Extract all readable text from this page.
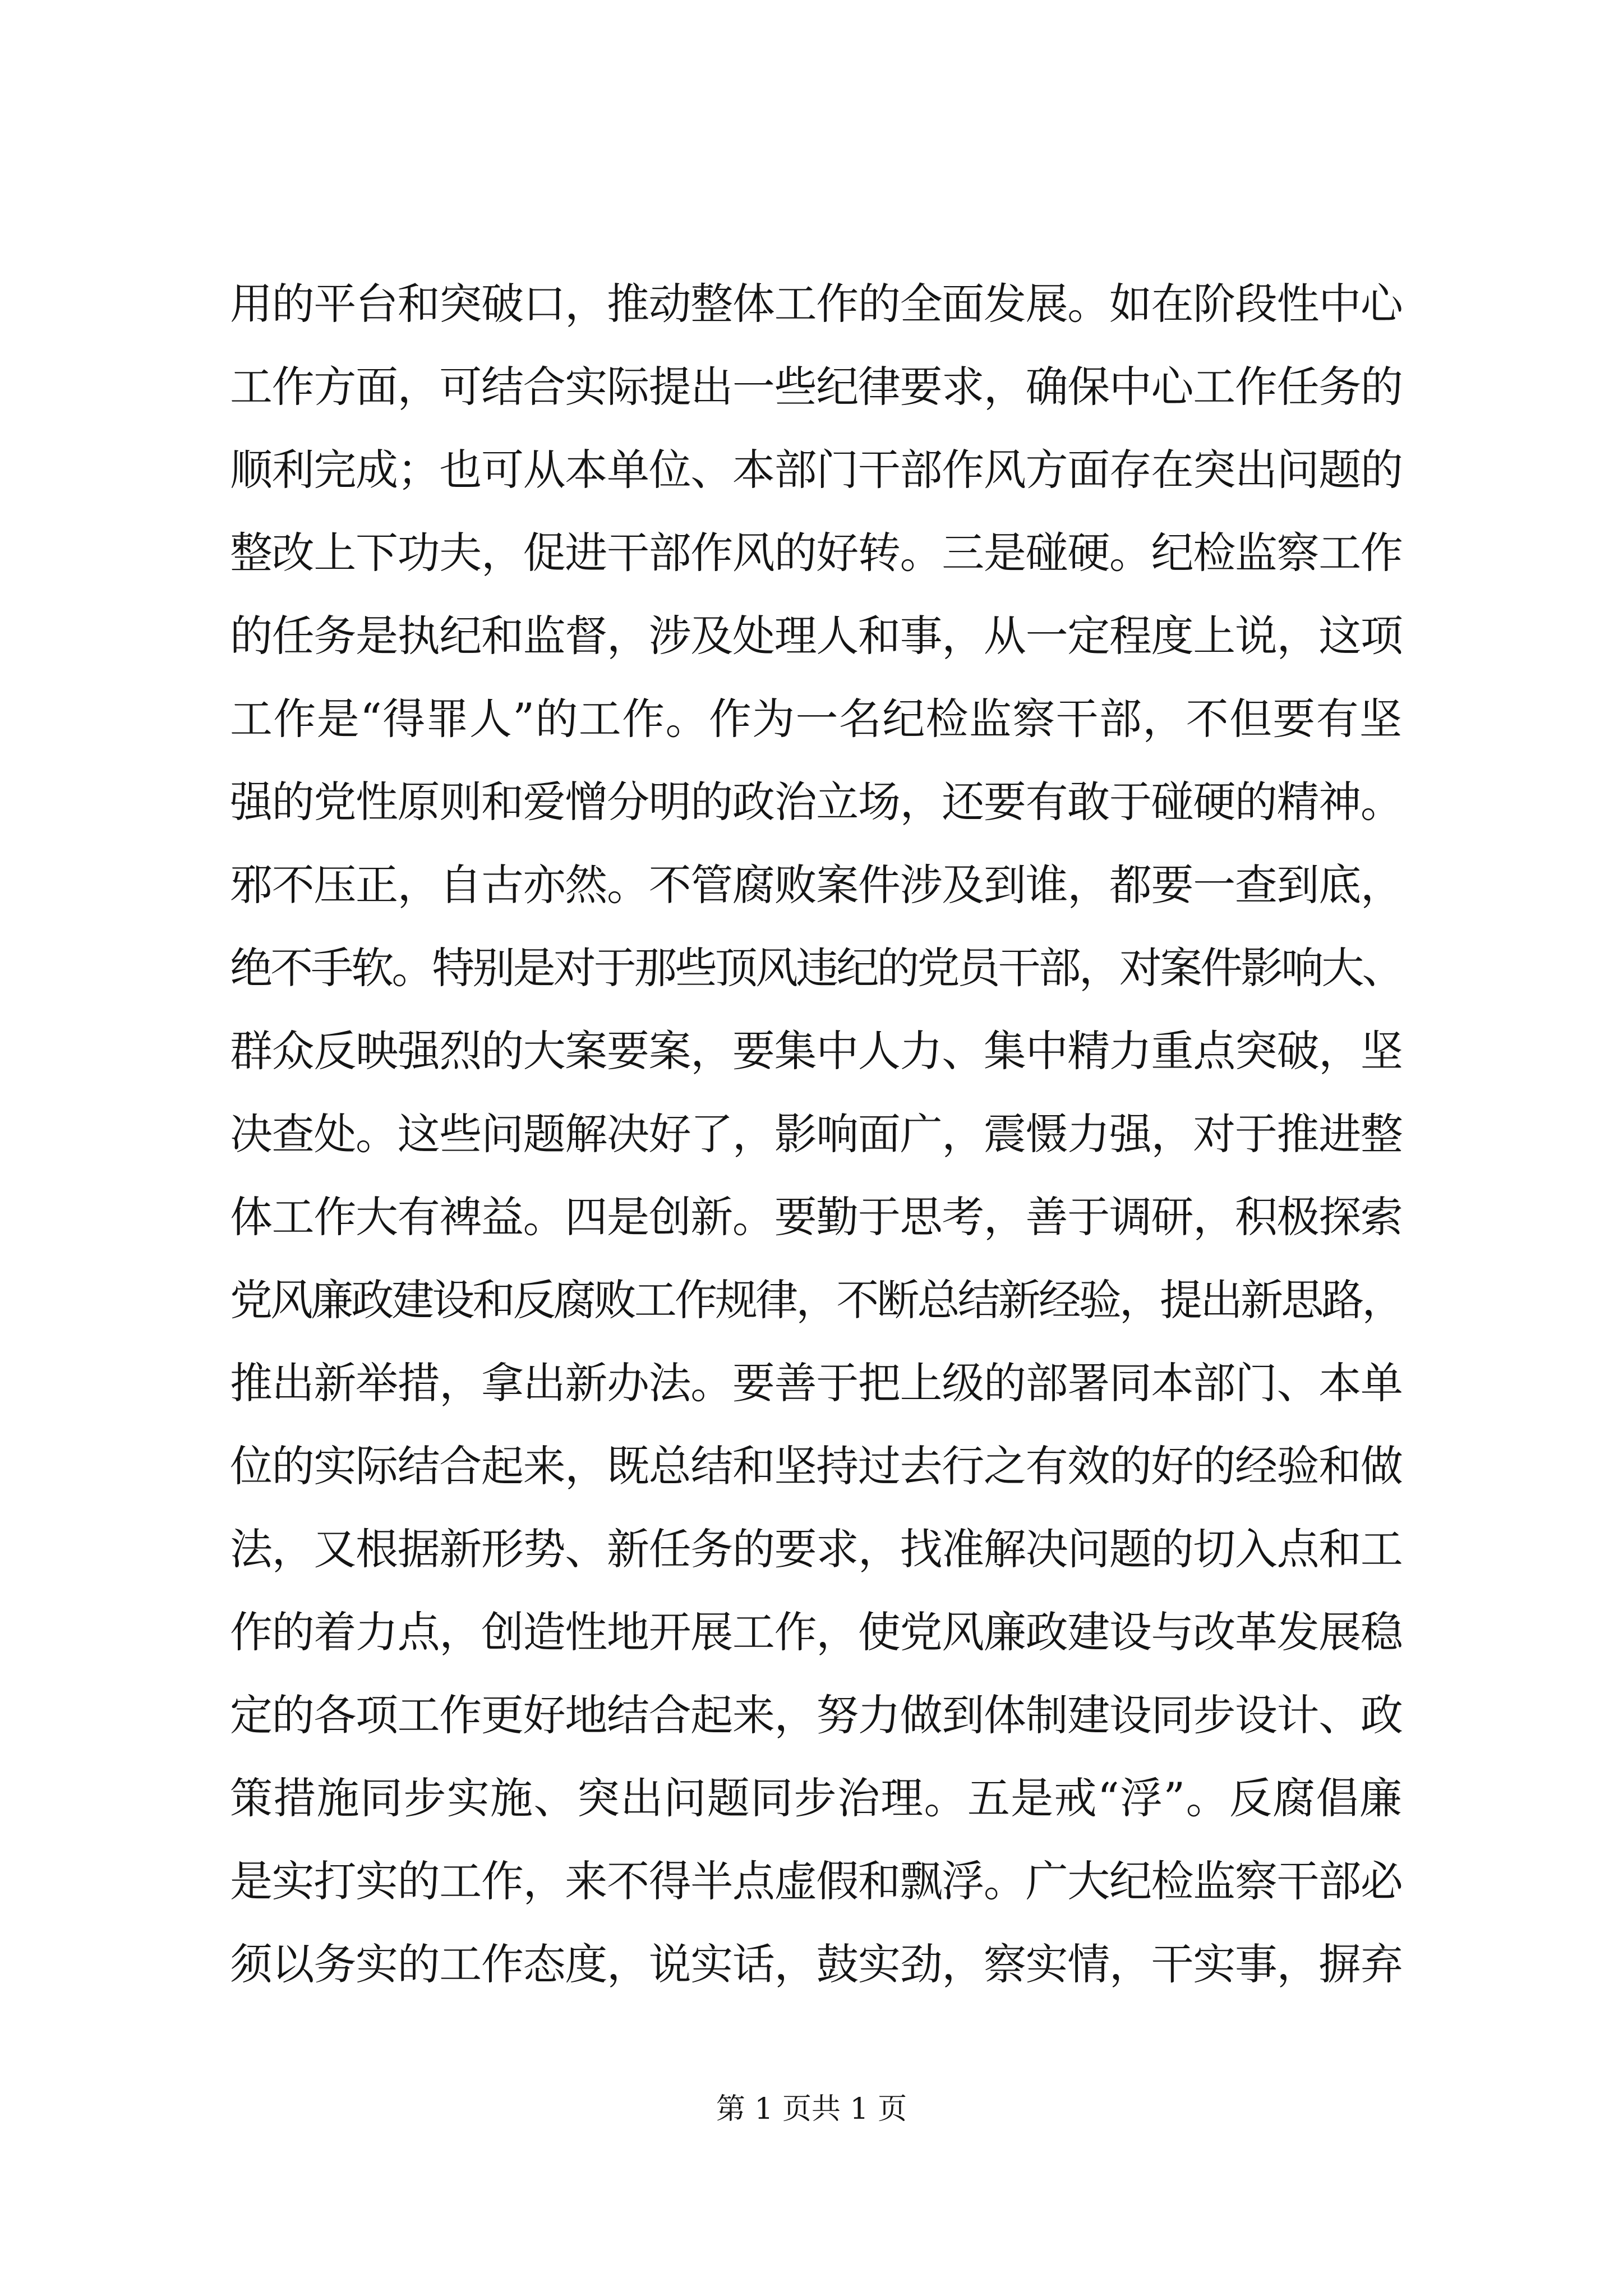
用的平台和突破口，推动整体工作的全面发展。如在阶段性中心
工作方面，可结合实际提出一些纪律要求，确保中心工作任务的
顺利完成；也可从本单位、本部门干部作风方面存在突出问题的
整改上下功夫，促进干部作风的好转。三是碰硬。纪检监察工作
的任务是执纪和监督，涉及处理人和事，从一定程度上说，这项
工作是“得罪人”的工作。作为一名纪检监察干部，不但要有坚
强的党性原则和爱憎分明的政治立场，还要有敢于碰硬的精神。
邪不压正，自古亦然。不管腐败案件涉及到谁，都要一查到底，
绝不手软。特别是对于那些顶风违纪的党员干部，对案件影响大、
群众反映强烈的大案要案，要集中人力、集中精力重点突破，坚
决查处。这些问题解决好了，影响面广，震慑力强，对于推进整
体工作大有裨益。四是创新。要勤于思考，善于调研，积极探索
党风廉政建设和反腐败工作规律，不断总结新经验，提出新思路，
推出新举措，拿出新办法。要善于把上级的部署同本部门、本单
位的实际结合起来，既总结和坚持过去行之有效的好的经验和做
法，又根据新形势、新任务的要求，找准解决问题的切入点和工
作的着力点，创造性地开展工作，使党风廉政建设与改革发展稳
定的各项工作更好地结合起来，努力做到体制建设同步设计、政
策措施同步实施、突出问题同步治理。五是戒“浮”。反腐倡廉
是实打实的工作，来不得半点虚假和飘浮。广大纪检监察干部必
须以务实的工作态度，说实话，鼓实劲，察实情，干实事，摒弃
第 1 页共 1 页
